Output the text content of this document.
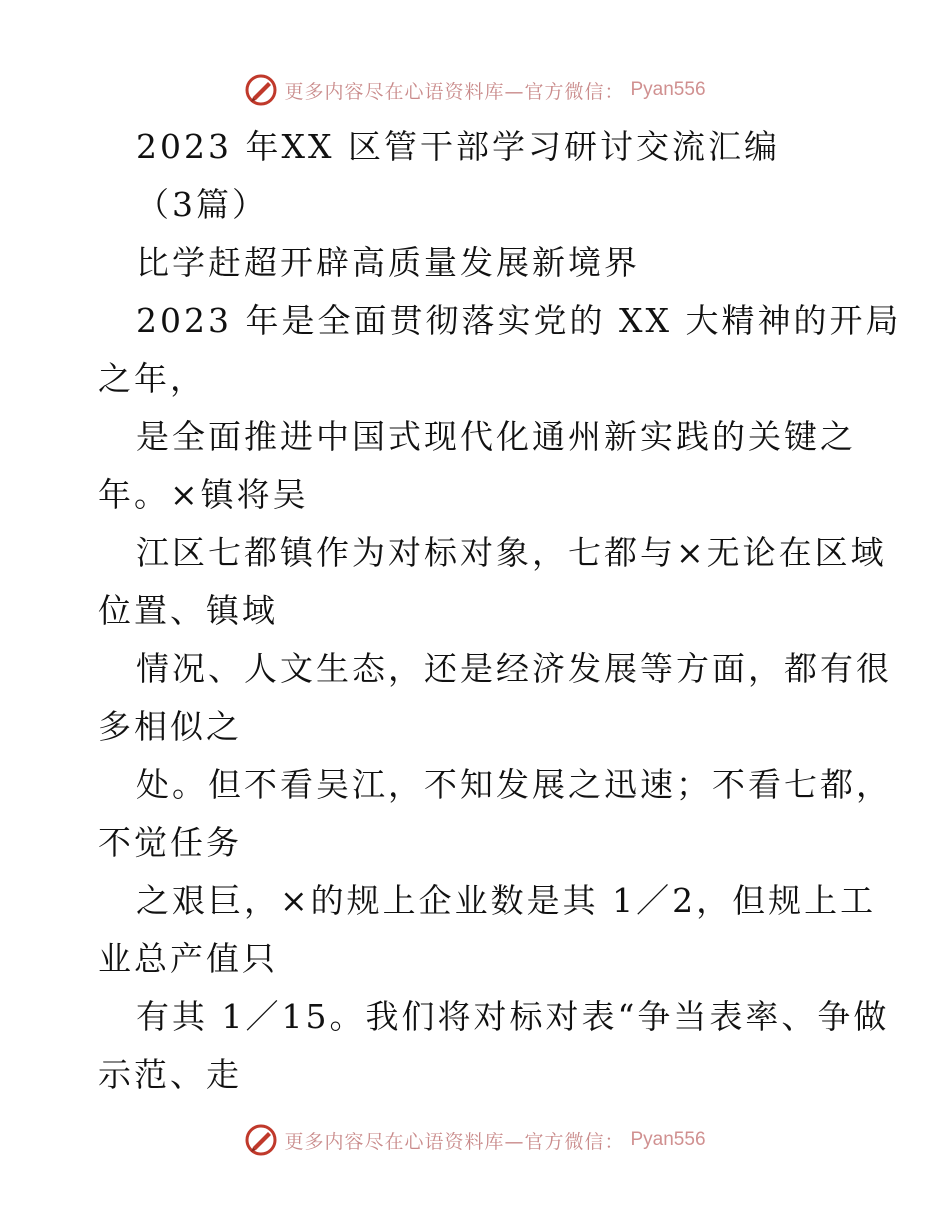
更多内容尽在心语资料库—官方微信： Pyan556
2023 年XX 区管干部学习研讨交流汇编
（3篇）
比学赶超开辟高质量发展新境界
2023 年是全面贯彻落实党的 XX 大精神的开局
之年，
是全面推进中国式现代化通州新实践的关键之
年。×镇将吴
江区七都镇作为对标对象，七都与×无论在区域
位置、镇域
情况、人文生态，还是经济发展等方面，都有很
多相似之
处。但不看吴江，不知发展之迅速；不看七都，
不觉任务
之艰巨，×的规上企业数是其 1／2，但规上工
业总产值只
有其 1／15。我们将对标对表“争当表率、争做
示范、走
更多内容尽在心语资料库—官方微信： Pyan556
